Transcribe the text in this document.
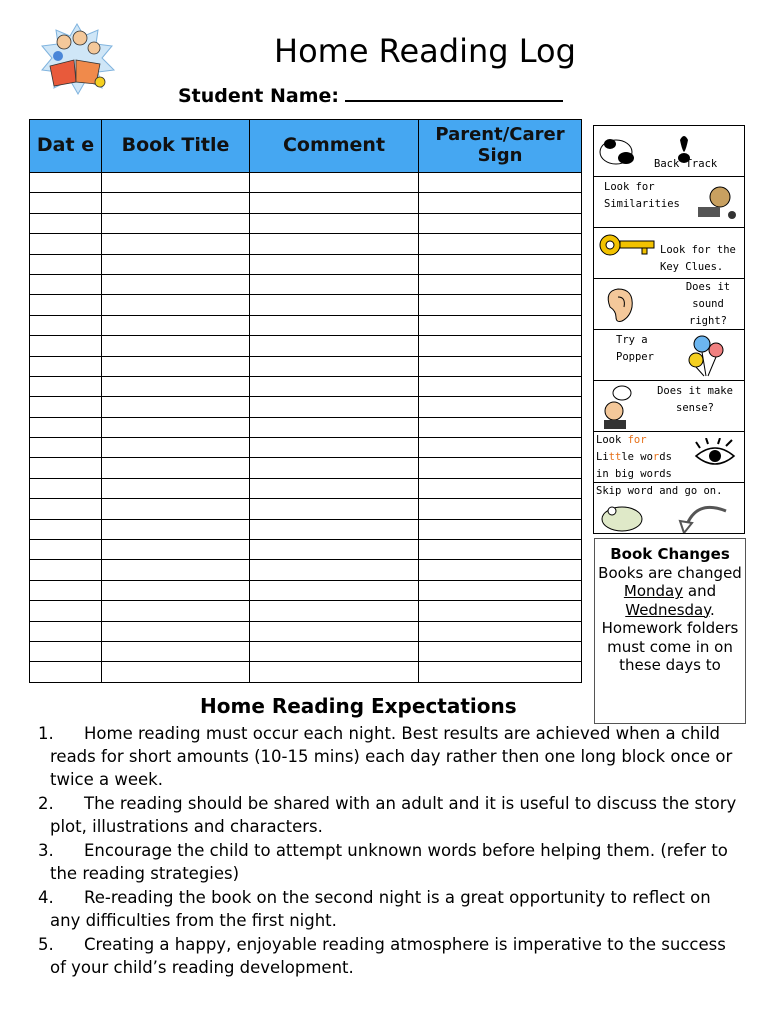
Home Reading Log
Student Name:
Dat e	Book Title	Comment	Parent/Carer Sign

				Back Track
Look for Similarities
Look for the Key Clues.
Does it sound right?
Try a Popper
Does it make sense?
Look for
Little words
in big words
Skip word and go on.
Book Changes
Books are changed
Monday and Wednesday. Homework folders must come in on these days to
Home Reading Expectations
1. Home reading must occur each night. Best results are achieved when a child reads for short amounts (10-15 mins) each day rather then one long block once or twice a week.
2. The reading should be shared with an adult and it is useful to discuss the story plot, illustrations and characters.
3. Encourage the child to attempt unknown words before helping them. (refer to the reading strategies)
4. Re-reading the book on the second night is a great opportunity to reflect on any difficulties from the first night.
5. Creating a happy, enjoyable reading atmosphere is imperative to the success of your child’s reading development.
